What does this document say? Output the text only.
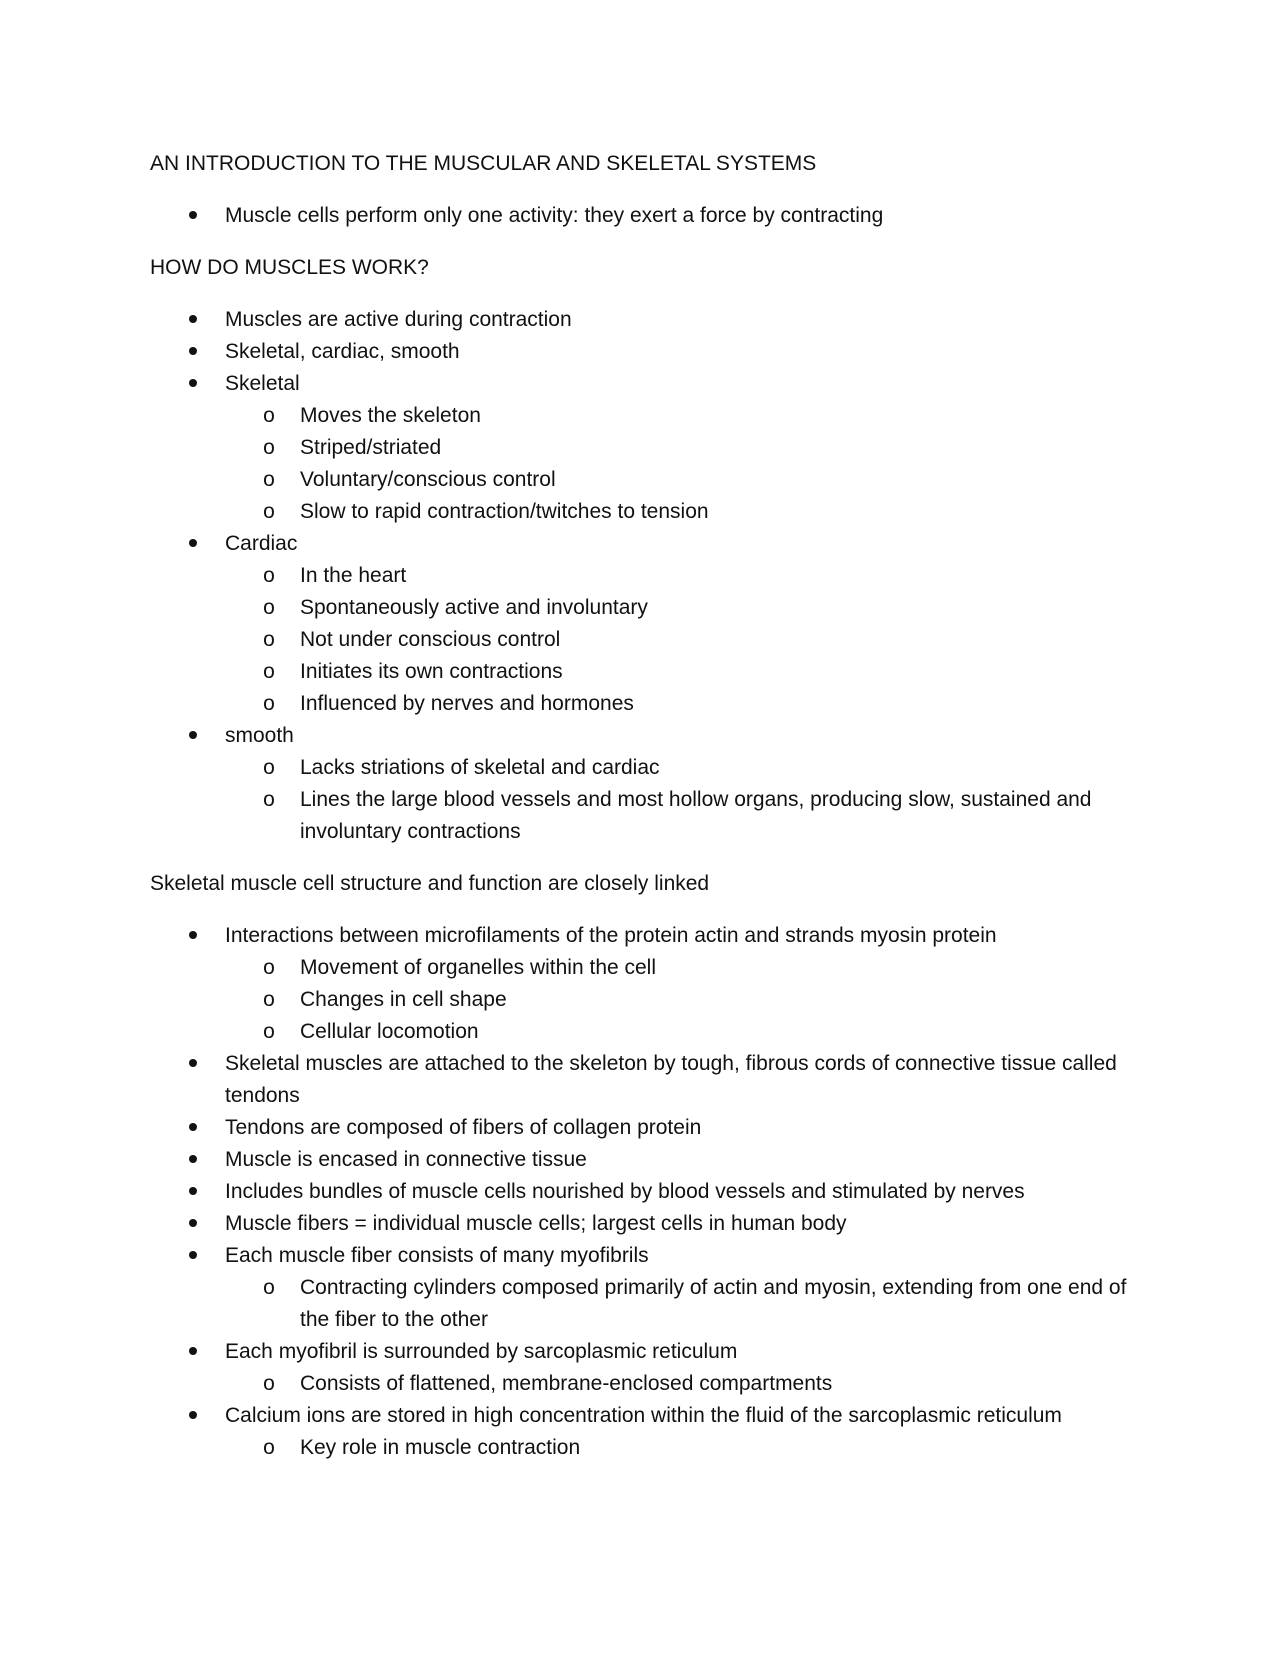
AN INTRODUCTION TO THE MUSCULAR AND SKELETAL SYSTEMS

Muscle cells perform only one activity: they exert a force by contracting

HOW DO MUSCLES WORK?

Muscles are active during contraction
Skeletal, cardiac, smooth
Skeletal
o Moves the skeleton
o Striped/striated
o Voluntary/conscious control
o Slow to rapid contraction/twitches to tension
Cardiac
o In the heart
o Spontaneously active and involuntary
o Not under conscious control
o Initiates its own contractions
o Influenced by nerves and hormones
smooth
o Lacks striations of skeletal and cardiac
o Lines the large blood vessels and most hollow organs, producing slow, sustained and involuntary contractions

Skeletal muscle cell structure and function are closely linked

Interactions between microfilaments of the protein actin and strands myosin protein
o Movement of organelles within the cell
o Changes in cell shape
o Cellular locomotion
Skeletal muscles are attached to the skeleton by tough, fibrous cords of connective tissue called tendons
Tendons are composed of fibers of collagen protein
Muscle is encased in connective tissue
Includes bundles of muscle cells nourished by blood vessels and stimulated by nerves
Muscle fibers = individual muscle cells; largest cells in human body
Each muscle fiber consists of many myofibrils
o Contracting cylinders composed primarily of actin and myosin, extending from one end of the fiber to the other
Each myofibril is surrounded by sarcoplasmic reticulum
o Consists of flattened, membrane-enclosed compartments
Calcium ions are stored in high concentration within the fluid of the sarcoplasmic reticulum
o Key role in muscle contraction
